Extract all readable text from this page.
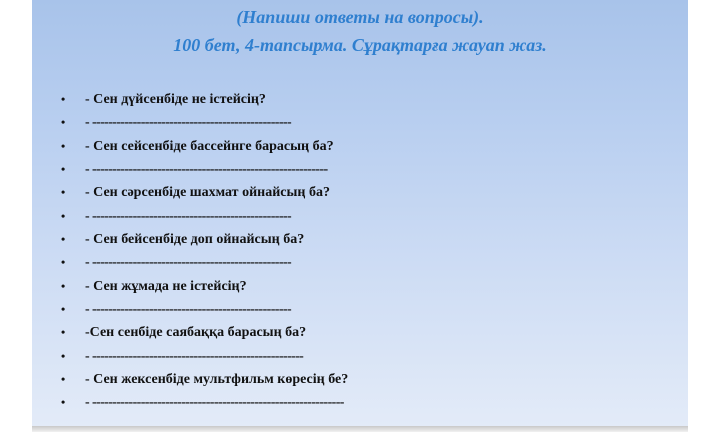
(Напиши ответы на вопросы).
100 бет, 4-тапсырма. Сұрақтарға жауап жаз.
• - Сен дүйсенбіде не істейсің?
• - -------------------------------------------------
• - Сен сейсенбіде бассейнге барасың ба?
• - ----------------------------------------------------------
• - Сен сәрсенбіде шахмат ойнайсың ба?
• - -------------------------------------------------
• - Сен бейсенбіде доп ойнайсың ба?
• - -------------------------------------------------
• - Сен жұмада не істейсің?
• - -------------------------------------------------
• -Сен сенбіде саябаққа барасың ба?
• - ----------------------------------------------------
• - Сен жексенбіде мультфильм көресің бе?
• - --------------------------------------------------------------
